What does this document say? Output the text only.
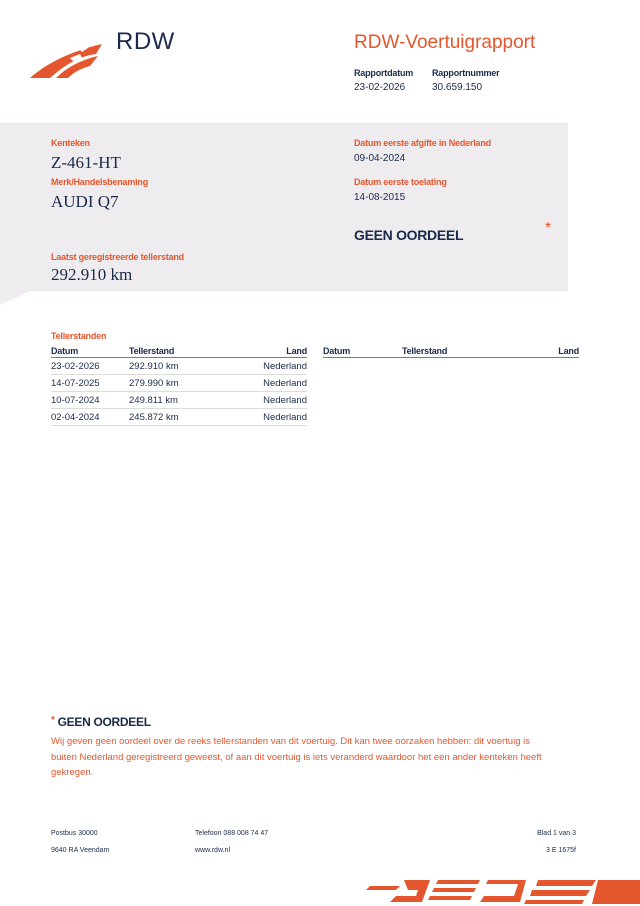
RDW	RDW-Voertuigrapport
Rapportdatum
23-02-2026
Rapportnummer
30.659.150
Kenteken
Z-461-HT
Merk/Handelsbenaming
AUDI Q7
Laatst geregistreerde tellerstand
292.910 km
Datum eerste afgifte in Nederland
09-04-2024
Datum eerste toelating
14-08-2015
GEEN OORDEEL	*
Tellerstanden
Datum	Tellerstand	Land
23-02-2026	292.910 km	Nederland
14-07-2025	279.990 km	Nederland
10-07-2024	249.811 km	Nederland
02-04-2024	245.872 km	Nederland
Datum	Tellerstand	Land
* GEEN OORDEEL
Wij geven geen oordeel over de reeks tellerstanden van dit voertuig. Dit kan twee oorzaken hebben: dit voertuig is buiten Nederland geregistreerd geweest, of aan dit voertuig is iets veranderd waardoor het een ander kenteken heeft gekregen.
Postbus 30000
9640 RA Veendam
Telefoon 088 008 74 47
www.rdw.nl
Blad 1 van 3
3 E 1675f
